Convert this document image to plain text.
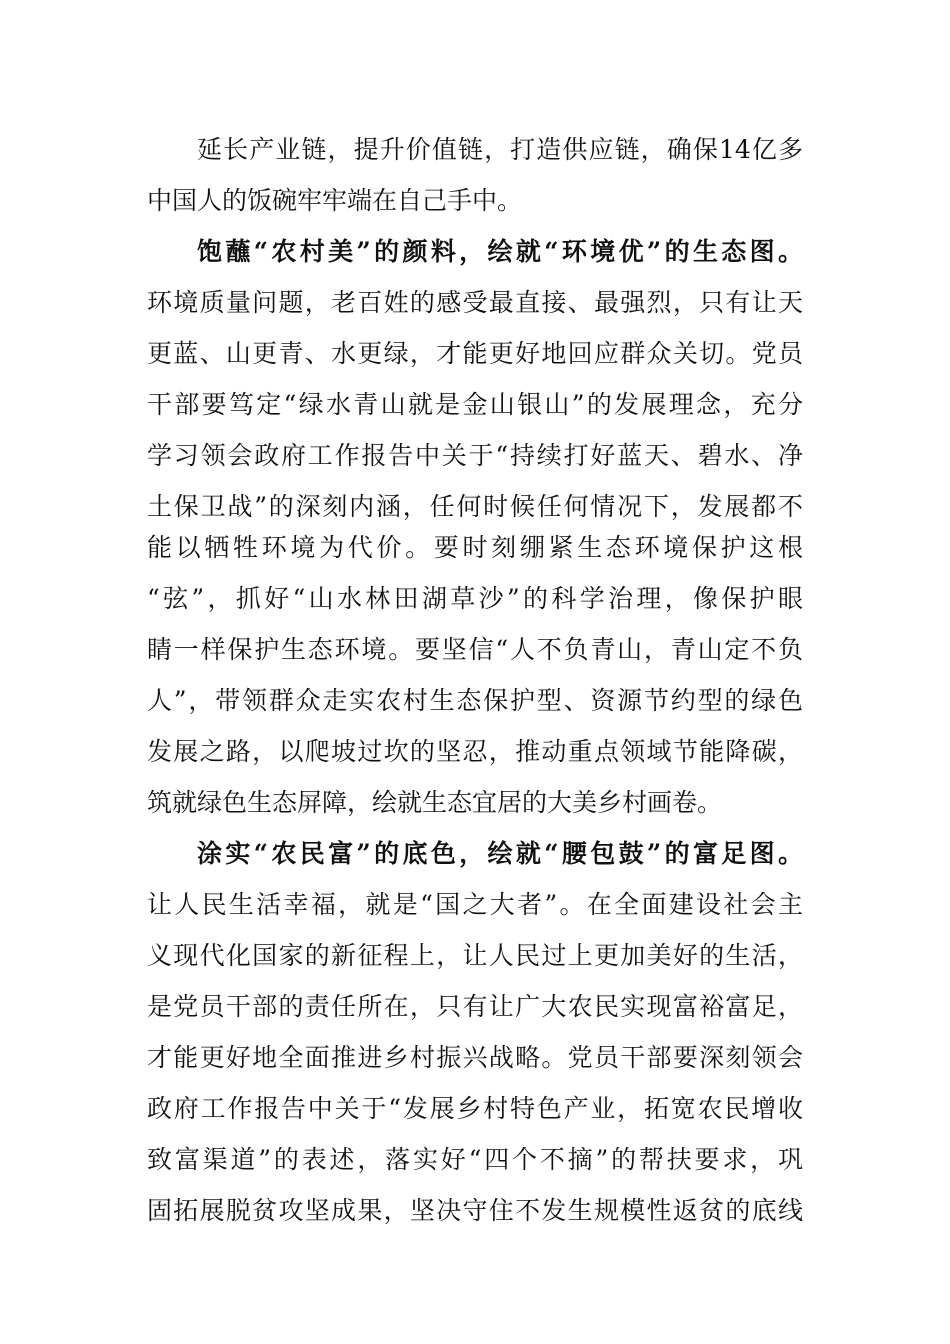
延长产业链，提升价值链，打造供应链，确保14亿多
中国人的饭碗牢牢端在自己手中。
饱蘸“农村美”的颜料，绘就“环境优”的生态图。
环境质量问题，老百姓的感受最直接、最强烈，只有让天
更蓝、山更青、水更绿，才能更好地回应群众关切。党员
干部要笃定“绿水青山就是金山银山”的发展理念，充分
学习领会政府工作报告中关于“持续打好蓝天、碧水、净
土保卫战”的深刻内涵，任何时候任何情况下，发展都不
能以牺牲环境为代价。要时刻绷紧生态环境保护这根
“弦”，抓好“山水林田湖草沙”的科学治理，像保护眼
睛一样保护生态环境。要坚信“人不负青山，青山定不负
人”，带领群众走实农村生态保护型、资源节约型的绿色
发展之路，以爬坡过坎的坚忍，推动重点领域节能降碳，
筑就绿色生态屏障，绘就生态宜居的大美乡村画卷。
涂实“农民富”的底色，绘就“腰包鼓”的富足图。
让人民生活幸福，就是“国之大者”。在全面建设社会主
义现代化国家的新征程上，让人民过上更加美好的生活，
是党员干部的责任所在，只有让广大农民实现富裕富足，
才能更好地全面推进乡村振兴战略。党员干部要深刻领会
政府工作报告中关于“发展乡村特色产业，拓宽农民增收
致富渠道”的表述，落实好“四个不摘”的帮扶要求，巩
固拓展脱贫攻坚成果，坚决守住不发生规模性返贫的底线
